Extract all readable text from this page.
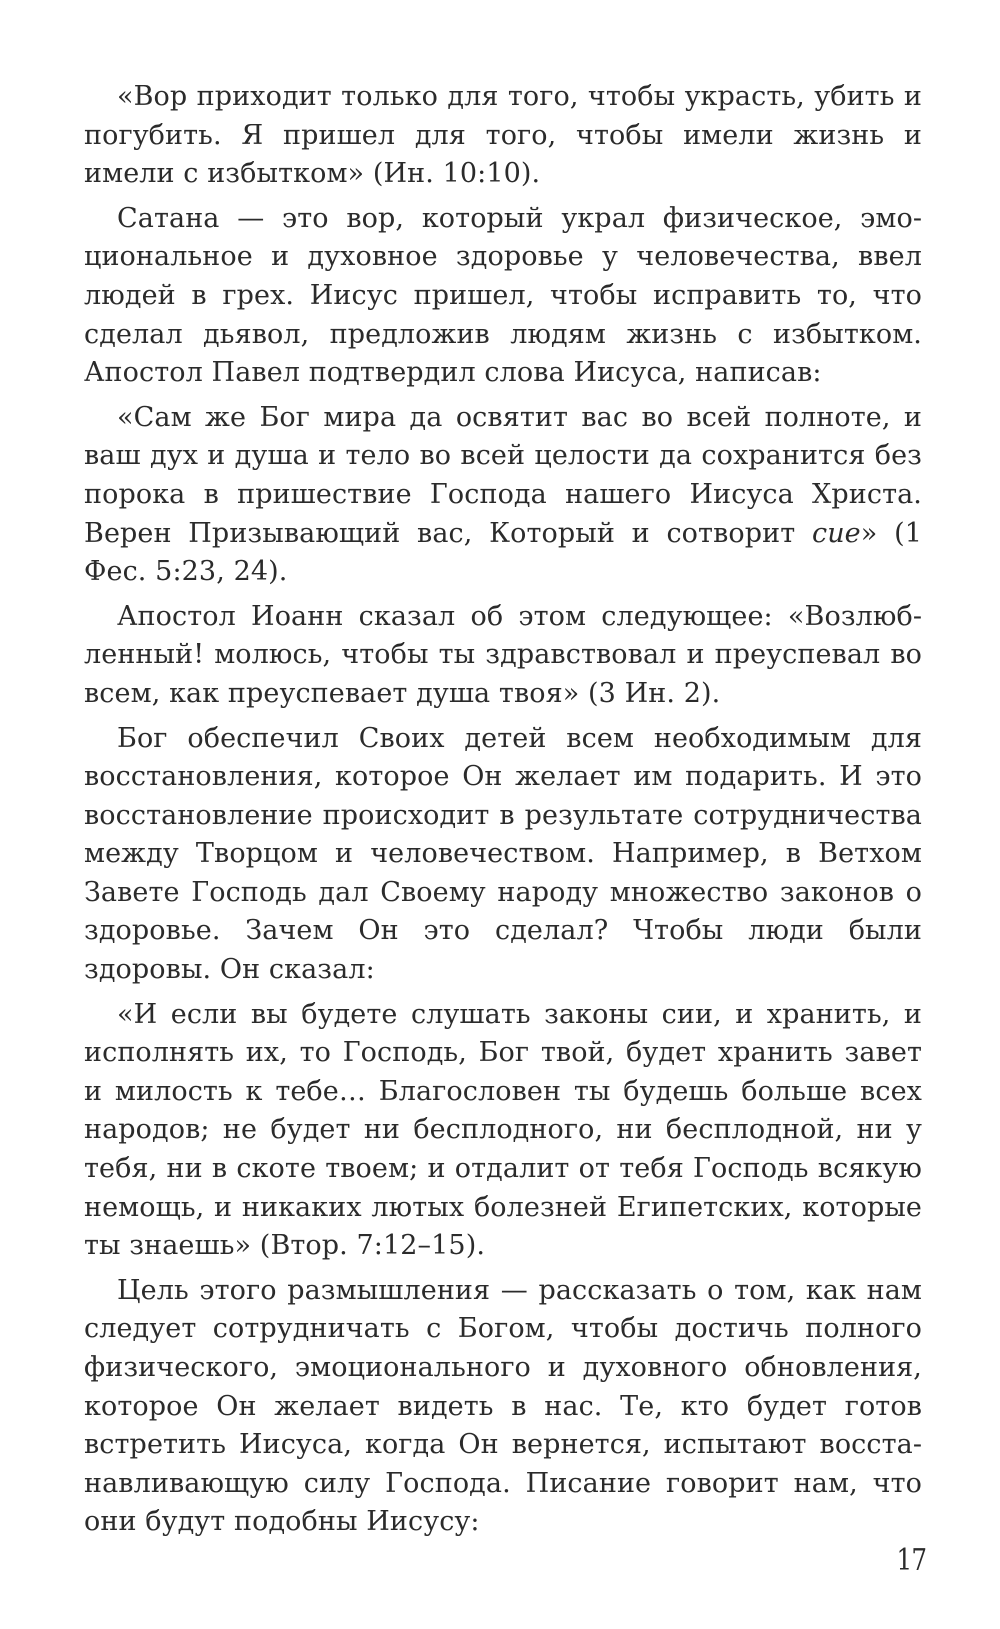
«Вор приходит только для того, чтобы украсть, убить и погубить. Я пришел для того, чтобы имели жизнь и имели с избытком» (Ин. 10:10).

Сатана — это вор, который украл физическое, эмоциональное и духовное здоровье у человечества, ввел людей в грех. Иисус пришел, чтобы исправить то, что сделал дьявол, предложив людям жизнь с избытком. Апостол Павел подтвердил слова Иисуса, написав:

«Сам же Бог мира да освятит вас во всей полноте, и ваш дух и душа и тело во всей целости да сохранится без порока в пришествие Господа нашего Иисуса Христа. Верен Призывающий вас, Который и сотворит сие» (1 Фес. 5:23, 24).

Апостол Иоанн сказал об этом следующее: «Возлюбленный! молюсь, чтобы ты здравствовал и преуспевал во всем, как преуспевает душа твоя» (3 Ин. 2).

Бог обеспечил Своих детей всем необходимым для восстановления, которое Он желает им подарить. И это восстановление происходит в результате сотрудничества между Творцом и человечеством. Например, в Ветхом Завете Господь дал Своему народу множество законов о здоровье. Зачем Он это сделал? Чтобы люди были здоровы. Он сказал:

«И если вы будете слушать законы сии, и хранить, и исполнять их, то Господь, Бог твой, будет хранить завет и милость к тебе… Благословен ты будешь больше всех народов; не будет ни бесплодного, ни бесплодной, ни у тебя, ни в скоте твоем; и отдалит от тебя Господь всякую немощь, и никаких лютых болезней Египетских, которые ты знаешь» (Втор. 7:12–15).

Цель этого размышления — рассказать о том, как нам следует сотрудничать с Богом, чтобы достичь полного физического, эмоционального и духовного обновления, которое Он желает видеть в нас. Те, кто будет готов встретить Иисуса, когда Он вернется, испытают восстанавливающую силу Господа. Писание говорит нам, что они будут подобны Иисусу:

17
